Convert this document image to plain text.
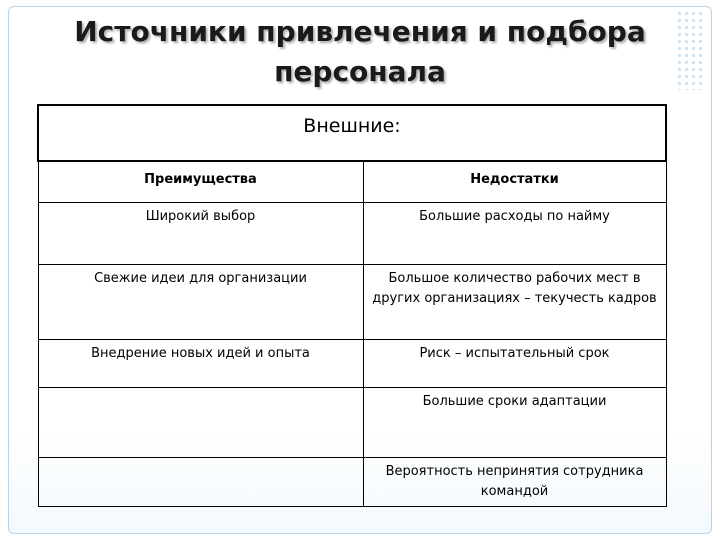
Источники привлечения и подбора
персонала
Внешние:	
Преимущества	Недостатки
Широкий выбор	Большие расходы по найму
Свежие идеи для организации	Большое количество рабочих мест в других организациях – текучесть кадров
Внедрение новых идей и опыта	Риск – испытательный срок
	Большие сроки адаптации
	Вероятность непринятия сотрудника командой
